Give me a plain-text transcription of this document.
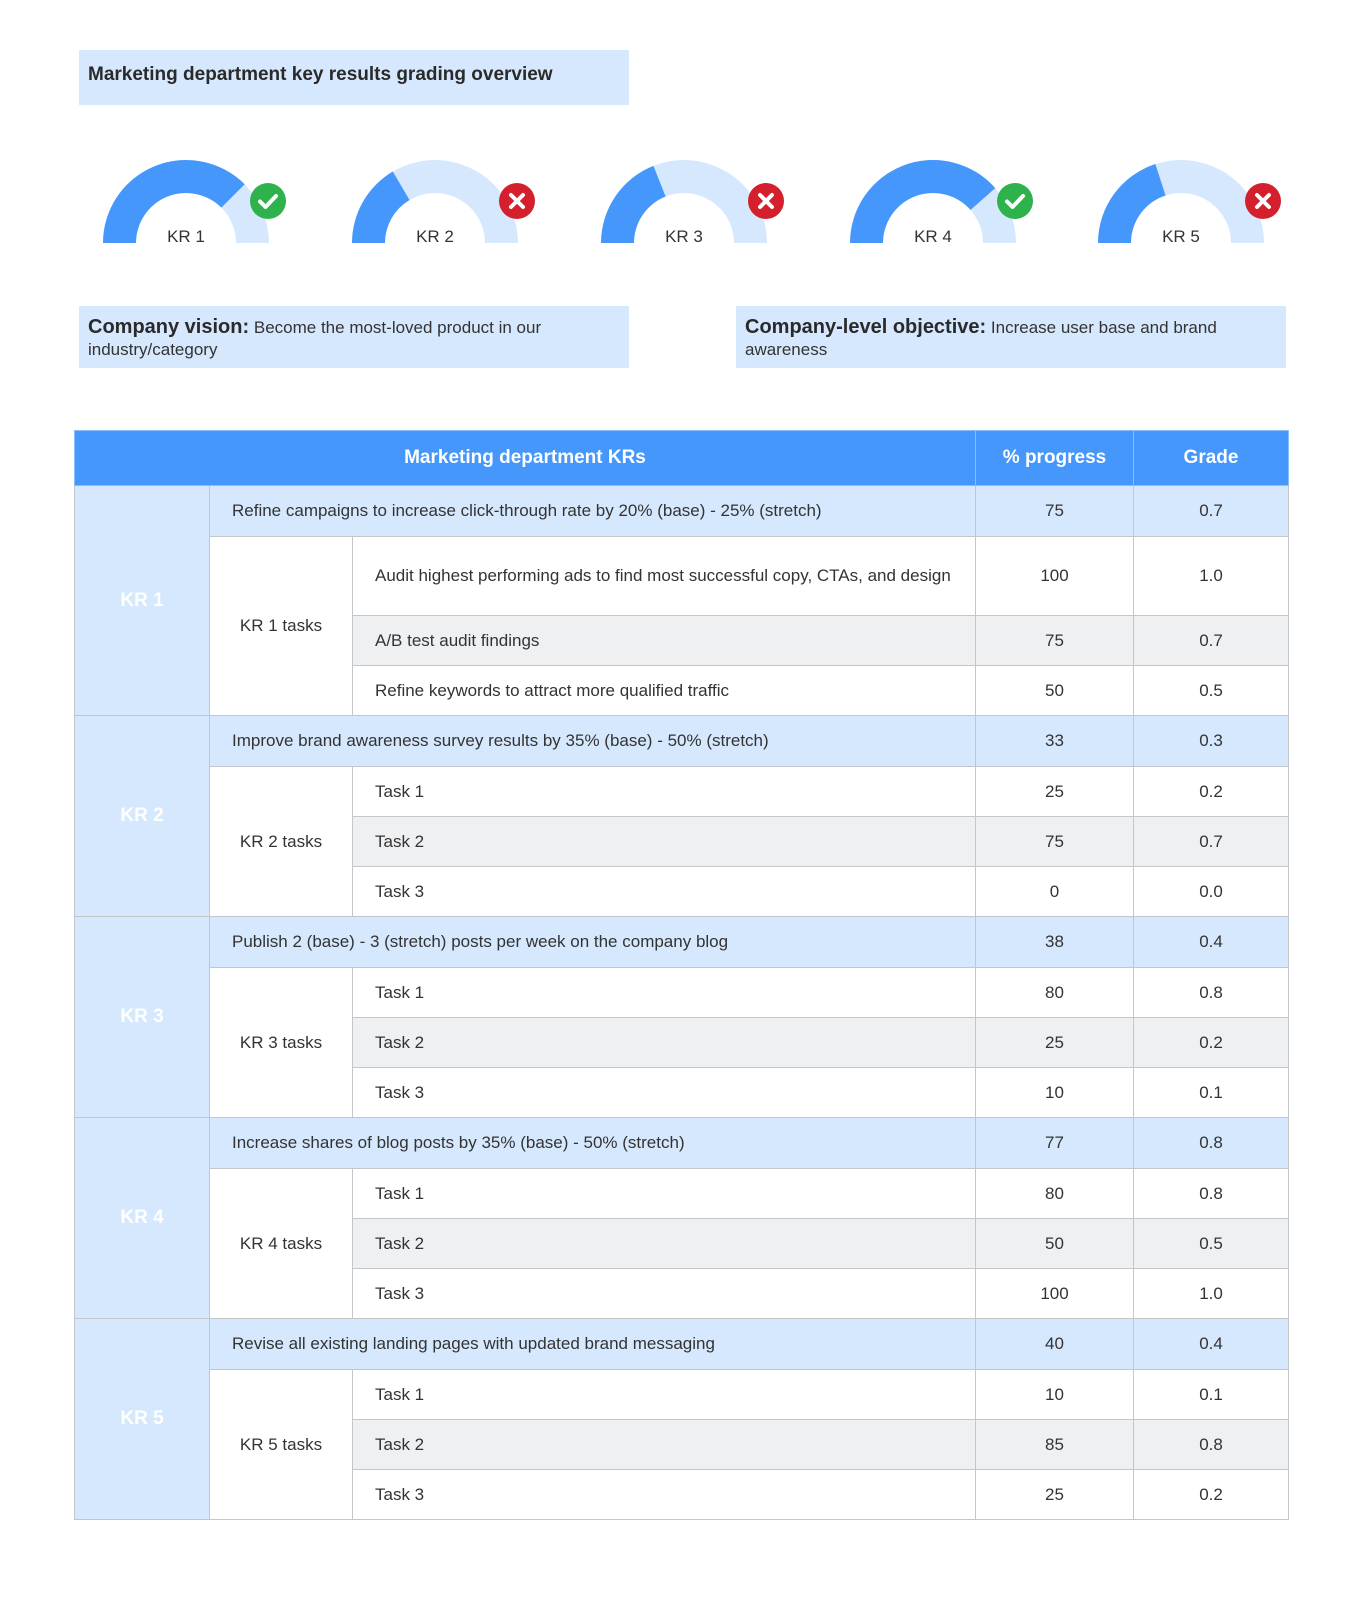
Marketing department key results grading overview
KR 1	KR 2	KR 3	KR 4	KR 5
Company vision: Become the most-loved product in our industry/category
Company-level objective: Increase user base and brand awareness
Marketing department KRs			% progress	Grade
KR 1	Refine campaigns to increase click-through rate by 20% (base) - 25% (stretch)		75	0.7
	KR 1 tasks	Audit highest performing ads to find most successful copy, CTAs, and design	100	1.0
		A/B test audit findings	75	0.7
		Refine keywords to attract more qualified traffic	50	0.5
KR 2	Improve brand awareness survey results by 35% (base) - 50% (stretch)		33	0.3
	KR 2 tasks	Task 1	25	0.2
		Task 2	75	0.7
		Task 3	0	0.0
KR 3	Publish 2 (base) - 3 (stretch) posts per week on the company blog		38	0.4
	KR 3 tasks	Task 1	80	0.8
		Task 2	25	0.2
		Task 3	10	0.1
KR 4	Increase shares of blog posts by 35% (base) - 50% (stretch)		77	0.8
	KR 4 tasks	Task 1	80	0.8
		Task 2	50	0.5
		Task 3	100	1.0
KR 5	Revise all existing landing pages with updated brand messaging		40	0.4
	KR 5 tasks	Task 1	10	0.1
		Task 2	85	0.8
		Task 3	25	0.2
